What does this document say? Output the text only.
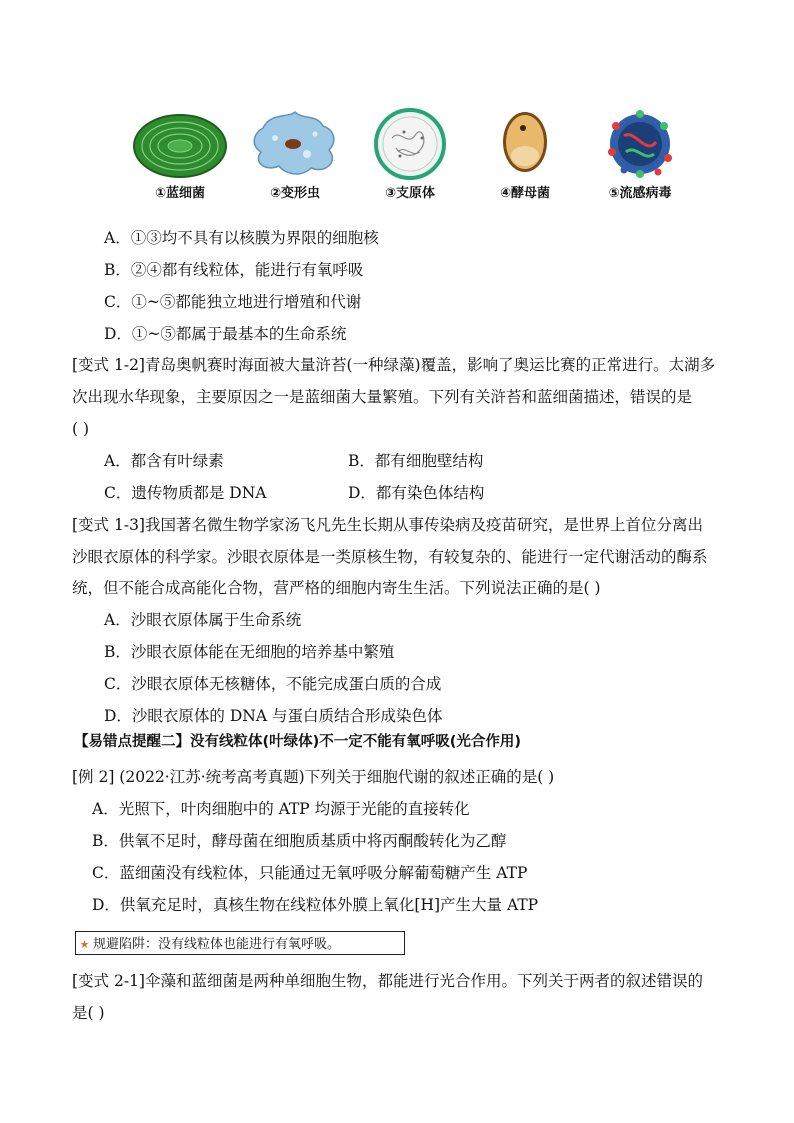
①蓝细菌	②变形虫	③支原体	④酵母菌	⑤流感病毒
A．①③均不具有以核膜为界限的细胞核
B．②④都有线粒体，能进行有氧呼吸
C．①~⑤都能独立地进行增殖和代谢
D．①~⑤都属于最基本的生命系统
[变式 1-2]青岛奥帆赛时海面被大量浒苔(一种绿藻)覆盖，影响了奥运比赛的正常进行。太湖多
次出现水华现象，主要原因之一是蓝细菌大量繁殖。下列有关浒苔和蓝细菌描述，错误的是
( )
A．都含有叶绿素	B．都有细胞壁结构
C．遗传物质都是 DNA	D．都有染色体结构
[变式 1-3]我国著名微生物学家汤飞凡先生长期从事传染病及疫苗研究，是世界上首位分离出
沙眼衣原体的科学家。沙眼衣原体是一类原核生物，有较复杂的、能进行一定代谢活动的酶系
统，但不能合成高能化合物，营严格的细胞内寄生生活。下列说法正确的是( )
A．沙眼衣原体属于生命系统
B．沙眼衣原体能在无细胞的培养基中繁殖
C．沙眼衣原体无核糖体，不能完成蛋白质的合成
D．沙眼衣原体的 DNA 与蛋白质结合形成染色体
【易错点提醒二】没有线粒体(叶绿体)不一定不能有氧呼吸(光合作用)
[例 2] (2022·江苏·统考高考真题)下列关于细胞代谢的叙述正确的是( )
A．光照下，叶肉细胞中的 ATP 均源于光能的直接转化
B．供氧不足时，酵母菌在细胞质基质中将丙酮酸转化为乙醇
C．蓝细菌没有线粒体，只能通过无氧呼吸分解葡萄糖产生 ATP
D．供氧充足时，真核生物在线粒体外膜上氧化[H]产生大量 ATP
★ 规避陷阱：没有线粒体也能进行有氧呼吸。
[变式 2-1]伞藻和蓝细菌是两种单细胞生物，都能进行光合作用。下列关于两者的叙述错误的
是( )
